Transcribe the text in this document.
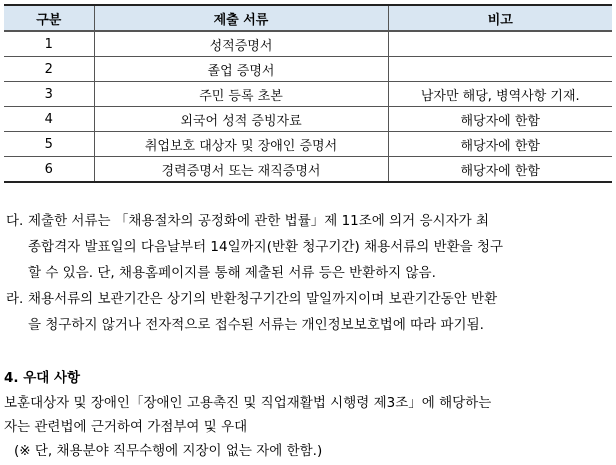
구분	제출 서류	비고
1	성적증명서	
2	졸업 증명서	
3	주민 등록 초본	남자만 해당, 병역사항 기재.
4	외국어 성적 증빙자료	해당자에 한함
5	취업보호 대상자 및 장애인 증명서	해당자에 한함
6	경력증명서 또는 재직증명서	해당자에 한함
다. 제출한 서류는 「채용절차의 공정화에 관한 법률」제 11조에 의거 응시자가 최
종합격자 발표일의 다음날부터 14일까지(반환 청구기간) 채용서류의 반환을 청구
할 수 있음. 단, 채용홈페이지를 통해 제출된 서류 등은 반환하지 않음.
라. 채용서류의 보관기간은 상기의 반환청구기간의 말일까지이며 보관기간동안 반환
을 청구하지 않거나 전자적으로 접수된 서류는 개인정보보호법에 따라 파기됨.
4. 우대 사항
보훈대상자 및 장애인「장애인 고용촉진 및 직업재활법 시행령 제3조」에 해당하는
자는 관련법에 근거하여 가점부여 및 우대
(※ 단, 채용분야 직무수행에 지장이 없는 자에 한함.)
